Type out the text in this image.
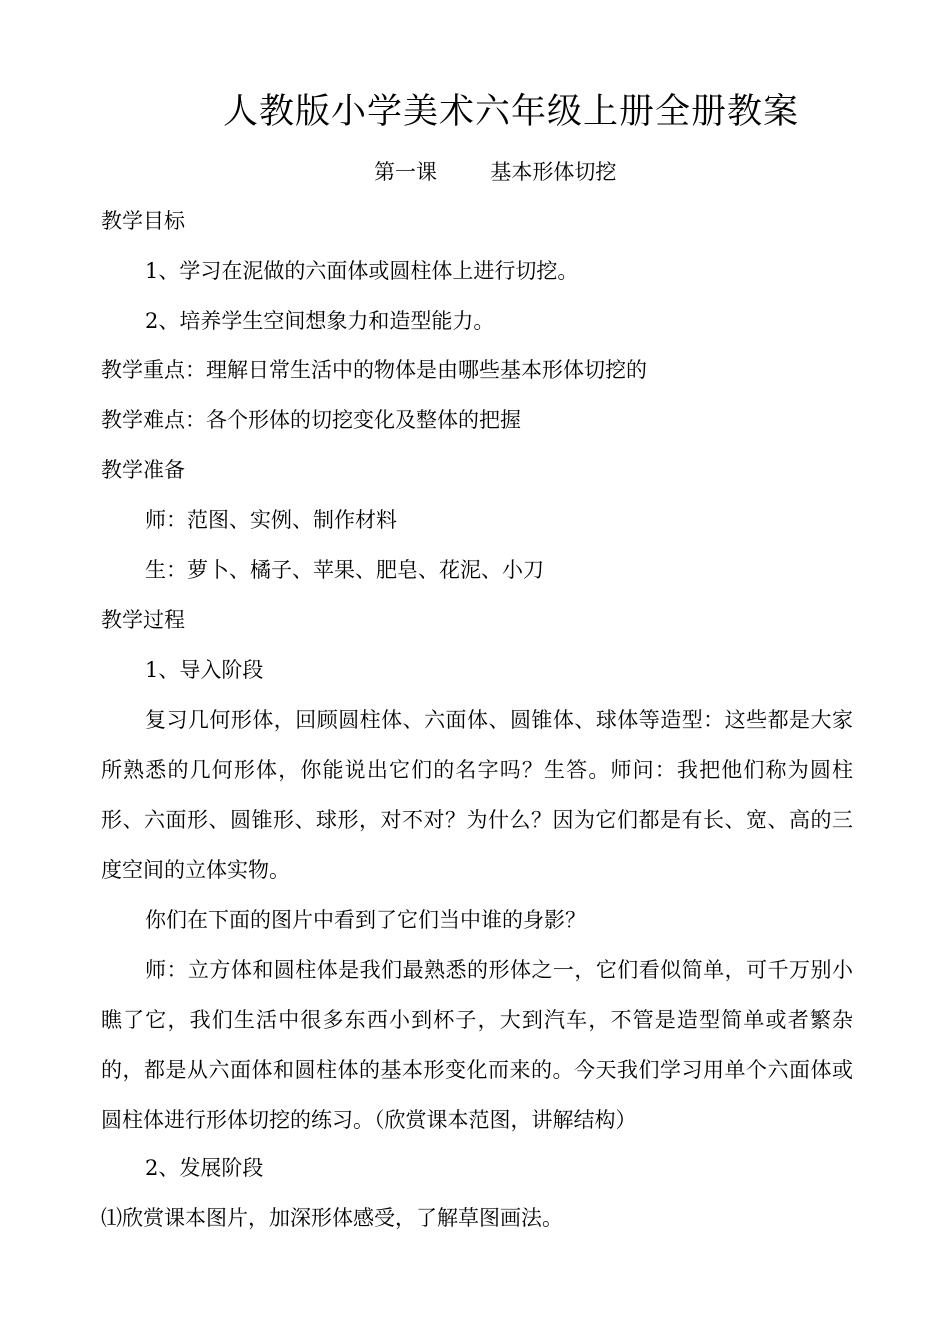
人教版小学美术六年级上册全册教案
第一课	基本形体切挖
教学目标
1、学习在泥做的六面体或圆柱体上进行切挖。
2、培养学生空间想象力和造型能力。
教学重点：理解日常生活中的物体是由哪些基本形体切挖的
教学难点：各个形体的切挖变化及整体的把握
教学准备
师：范图、实例、制作材料
生：萝卜、橘子、苹果、肥皂、花泥、小刀
教学过程
1、导入阶段
复习几何形体，回顾圆柱体、六面体、圆锥体、球体等造型：这些都是大家所熟悉的几何形体，你能说出它们的名字吗？生答。师问：我把他们称为圆柱形、六面形、圆锥形、球形，对不对？为什么？因为它们都是有长、宽、高的三度空间的立体实物。
你们在下面的图片中看到了它们当中谁的身影？
师：立方体和圆柱体是我们最熟悉的形体之一，它们看似简单，可千万别小瞧了它，我们生活中很多东西小到杯子，大到汽车，不管是造型简单或者繁杂的，都是从六面体和圆柱体的基本形变化而来的。今天我们学习用单个六面体或圆柱体进行形体切挖的练习。（欣赏课本范图，讲解结构）
2、发展阶段
⑴欣赏课本图片，加深形体感受，了解草图画法。
